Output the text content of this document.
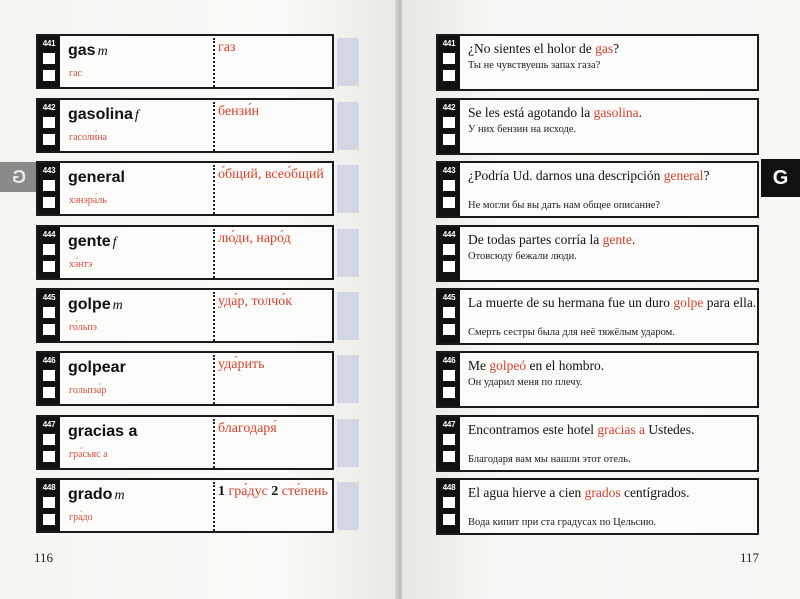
G	G
116	117
441 gas m
гас
газ
442 gasolina f
гасоли́на
бензи́н
443 general
хэнэра́ль
о́бщий, всео́бщий
444 gente f
хэ́нтэ
лю́ди, наро́д
445 golpe m
го́льпэ
уда́р, толчо́к
446 golpear
гольпэа́р
уда́рить
447 gracias a
гра́сьяс а
благодаря́
448 grado m
гра́до
1 гра́дус 2 сте́пень
441 ¿No sientes el holor de gas?
Ты не чувствуешь запах газа?
442 Se les está agotando la gasolina.
У них бензин на исходе.
443 ¿Podría Ud. darnos una descripción general?
Не могли бы вы дать нам общее описание?
444 De todas partes corría la gente.
Отовсюду бежали люди.
445 La muerte de su hermana fue un duro golpe para ella.
Смерть сестры была для неё тяжёлым ударом.
446 Me golpeó en el hombro.
Он ударил меня по плечу.
447 Encontramos este hotel gracias a Ustedes.
Благодаря вам мы нашли этот отель.
448 El agua hierve a cien grados centígrados.
Вода кипит при ста градусах по Цельсию.
